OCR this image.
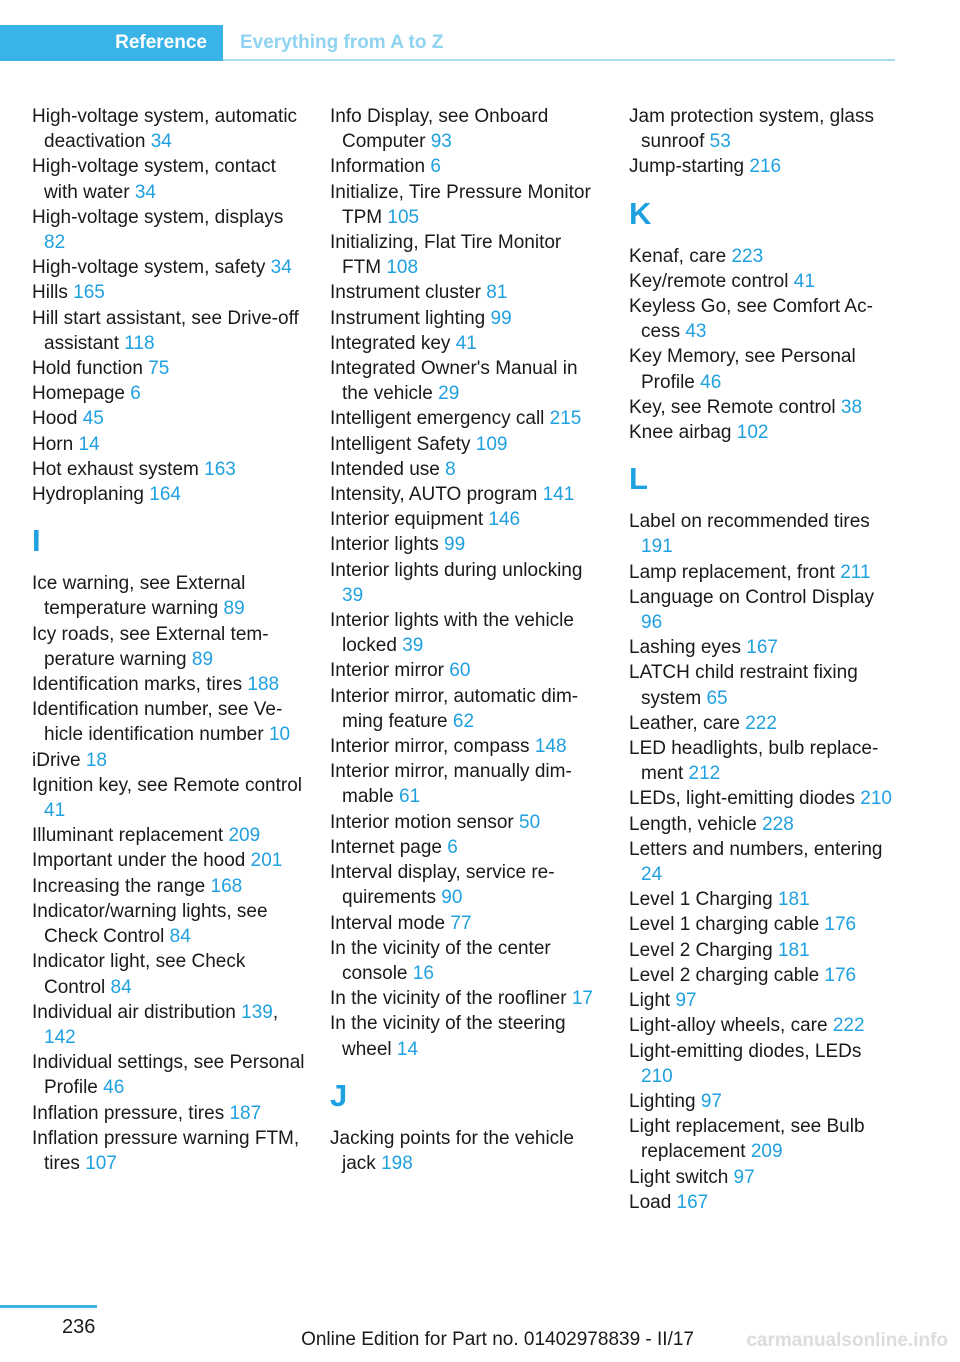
Reference	Everything from A to Z
High-voltage system, automatic deactivation 34
High-voltage system, contact with water 34
High-voltage system, displays 82
High-voltage system, safety 34
Hills 165
Hill start assistant, see Drive-off assistant 118
Hold function 75
Homepage 6
Hood 45
Horn 14
Hot exhaust system 163
Hydroplaning 164
I
Ice warning, see External temperature warning 89
Icy roads, see External temperature warning 89
Identification marks, tires 188
Identification number, see Vehicle identification number 10
iDrive 18
Ignition key, see Remote control 41
Illuminant replacement 209
Important under the hood 201
Increasing the range 168
Indicator/warning lights, see Check Control 84
Indicator light, see Check Control 84
Individual air distribution 139, 142
Individual settings, see Personal Profile 46
Inflation pressure, tires 187
Inflation pressure warning FTM, tires 107
Info Display, see Onboard Computer 93
Information 6
Initialize, Tire Pressure Monitor TPM 105
Initializing, Flat Tire Monitor FTM 108
Instrument cluster 81
Instrument lighting 99
Integrated key 41
Integrated Owner's Manual in the vehicle 29
Intelligent emergency call 215
Intelligent Safety 109
Intended use 8
Intensity, AUTO program 141
Interior equipment 146
Interior lights 99
Interior lights during unlocking 39
Interior lights with the vehicle locked 39
Interior mirror 60
Interior mirror, automatic dimming feature 62
Interior mirror, compass 148
Interior mirror, manually dimmable 61
Interior motion sensor 50
Internet page 6
Interval display, service requirements 90
Interval mode 77
In the vicinity of the center console 16
In the vicinity of the roofliner 17
In the vicinity of the steering wheel 14
J
Jacking points for the vehicle jack 198
Jam protection system, glass sunroof 53
Jump-starting 216
K
Kenaf, care 223
Key/remote control 41
Keyless Go, see Comfort Access 43
Key Memory, see Personal Profile 46
Key, see Remote control 38
Knee airbag 102
L
Label on recommended tires 191
Lamp replacement, front 211
Language on Control Display 96
Lashing eyes 167
LATCH child restraint fixing system 65
Leather, care 222
LED headlights, bulb replacement 212
LEDs, light-emitting diodes 210
Length, vehicle 228
Letters and numbers, entering 24
Level 1 Charging 181
Level 1 charging cable 176
Level 2 Charging 181
Level 2 charging cable 176
Light 97
Light-alloy wheels, care 222
Light-emitting diodes, LEDs 210
Lighting 97
Light replacement, see Bulb replacement 209
Light switch 97
Load 167
236
Online Edition for Part no. 01402978839 - II/17	carmanualsonline.info
